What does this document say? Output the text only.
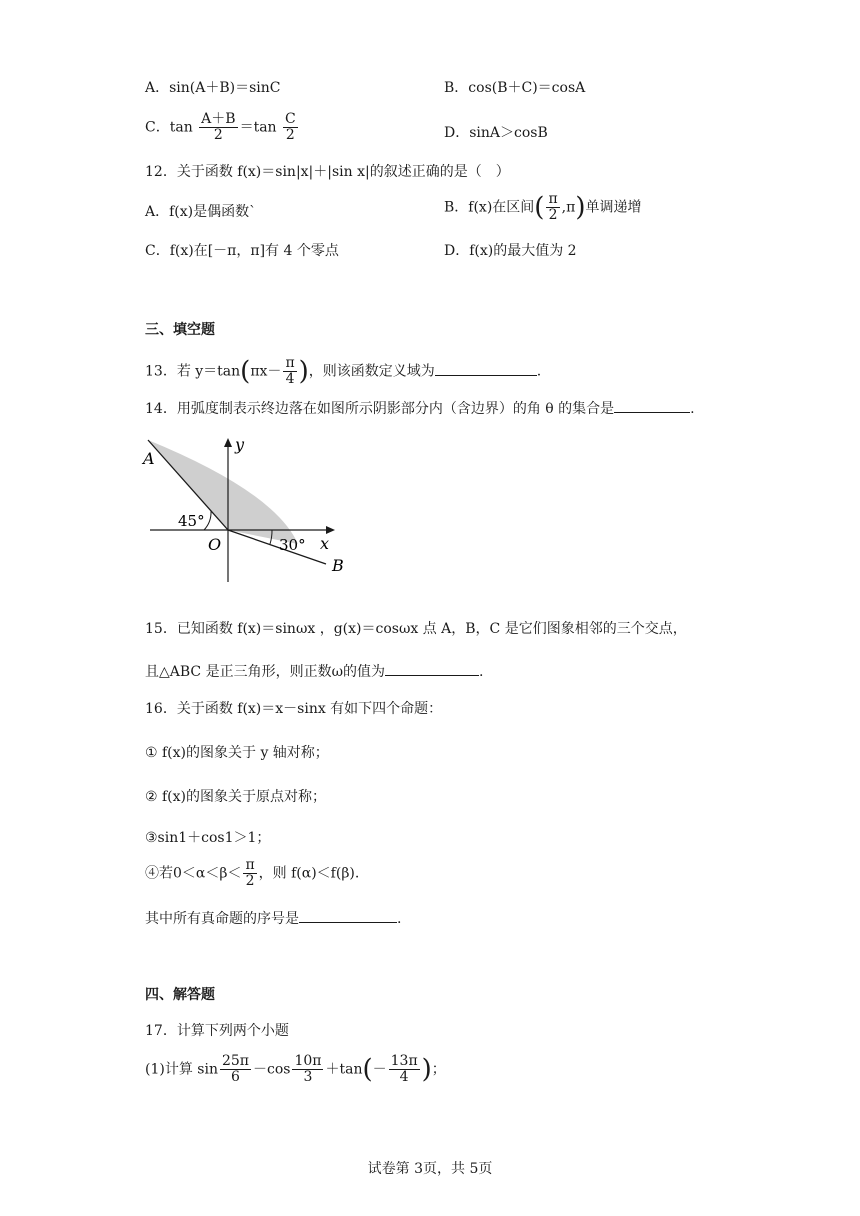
A．sin(A＋B)＝sinC	B．cos(B＋C)＝cosA
C．$\tan \frac{A+B}{2} =\tan \frac{C}{2}$	D．sinA＞cosB
12．关于函数 f(x)＝sin|x|＋|sin x|的叙述正确的是（　）
A．f(x)是偶函数`	B．f(x)在区间( $\frac{\pi}{2} ,\pi$)单调递增
C．f(x)在[－π，π]有 4 个零点	D．f(x)的最大值为 2
三、填空题
13．若 $y=\tan(\pi x- \frac{\pi}{4}$ )，则该函数定义域为	.
14．用弧度制表示终边落在如图所示阴影部分内（含边界）的角 θ 的集合是	.
A
B
O	x
y
45°
30°
15．已知函数 f(x)＝sinωx ，g(x)＝cosωx 点 A，B，C 是它们图象相邻的三个交点，
且△ABC 是正三角形，则正数ω的值为	.
16．关于函数 f(x)＝x－sinx 有如下四个命题：
① f(x)的图象关于 y 轴对称；
② f(x)的图象关于原点对称；
③sin1＋cos1＞1；
④若$0<\alpha<\beta< \frac{\pi}{2}$ ，则 f(α)＜f(β).
其中所有真命题的序号是	.
四、解答题
17．计算下列两个小题
(1)计算 $\sin \frac{25\pi}{6} -\cos \frac{10\pi}{3} +\tan(- \frac{13\pi}{4}$ )；
试卷第 3页，共 5页
